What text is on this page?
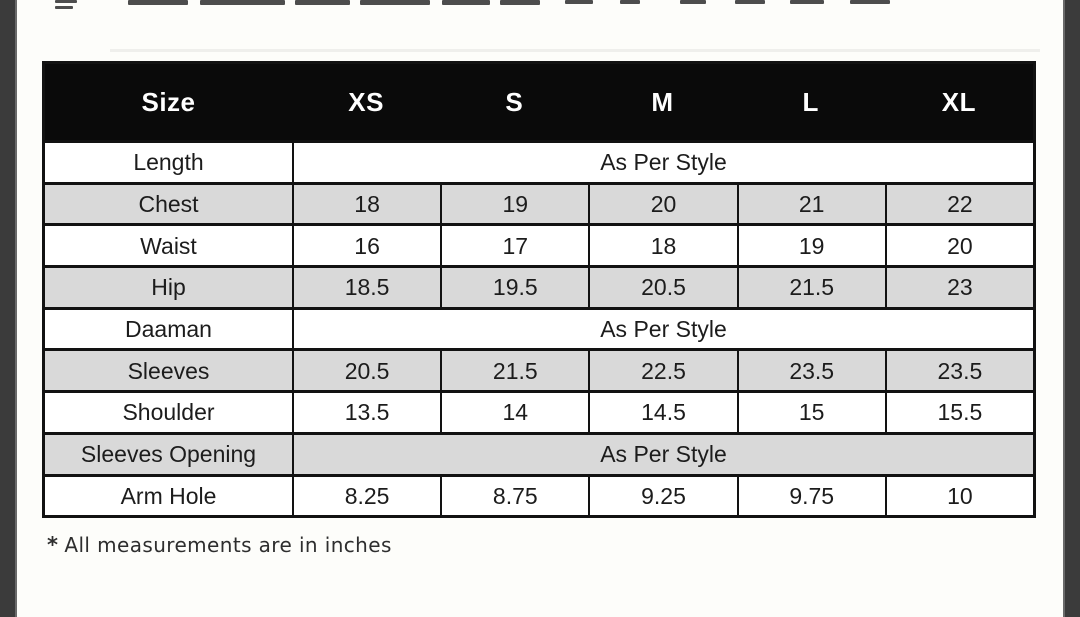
Size	XS	S	M	L	XL
Length	As Per Style
Chest	18	19	20	21	22
Waist	16	17	18	19	20
Hip	18.5	19.5	20.5	21.5	23
Daaman	As Per Style
Sleeves	20.5	21.5	22.5	23.5	23.5
Shoulder	13.5	14	14.5	15	15.5
Sleeves Opening	As Per Style
Arm Hole	8.25	8.75	9.25	9.75	10
* All measurements are in inches
